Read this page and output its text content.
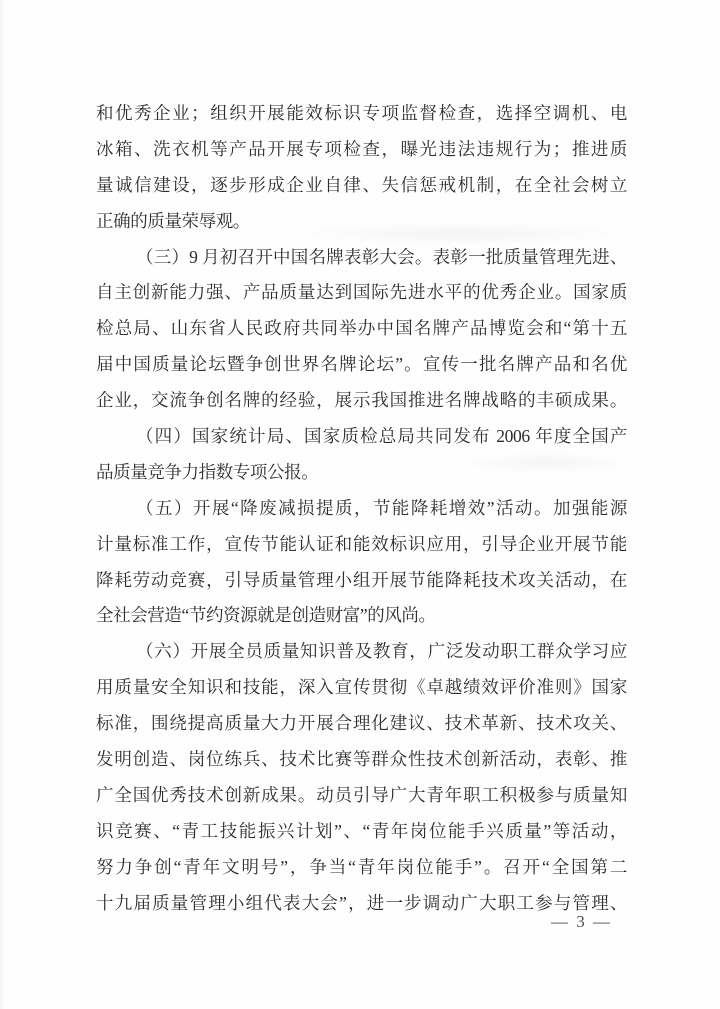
和优秀企业；组织开展能效标识专项监督检查，选择空调机、电
冰箱、洗衣机等产品开展专项检查，曝光违法违规行为；推进质
量诚信建设，逐步形成企业自律、失信惩戒机制，在全社会树立
正确的质量荣辱观。
（三）9 月初召开中国名牌表彰大会。表彰一批质量管理先进、
自主创新能力强、产品质量达到国际先进水平的优秀企业。国家质
检总局、山东省人民政府共同举办中国名牌产品博览会和“第十五
届中国质量论坛暨争创世界名牌论坛”。宣传一批名牌产品和名优
企业，交流争创名牌的经验，展示我国推进名牌战略的丰硕成果。
（四）国家统计局、国家质检总局共同发布 2006 年度全国产
品质量竞争力指数专项公报。
（五）开展“降废减损提质，节能降耗增效”活动。加强能源
计量标准工作，宣传节能认证和能效标识应用，引导企业开展节能
降耗劳动竞赛，引导质量管理小组开展节能降耗技术攻关活动，在
全社会营造“节约资源就是创造财富”的风尚。
（六）开展全员质量知识普及教育，广泛发动职工群众学习应
用质量安全知识和技能，深入宣传贯彻《卓越绩效评价准则》国家
标准，围绕提高质量大力开展合理化建议、技术革新、技术攻关、
发明创造、岗位练兵、技术比赛等群众性技术创新活动，表彰、推
广全国优秀技术创新成果。动员引导广大青年职工积极参与质量知
识竞赛、“青工技能振兴计划”、“青年岗位能手兴质量”等活动，
努力争创“青年文明号”，争当“青年岗位能手”。召开“全国第二
十九届质量管理小组代表大会”，进一步调动广大职工参与管理、
— 3 —
